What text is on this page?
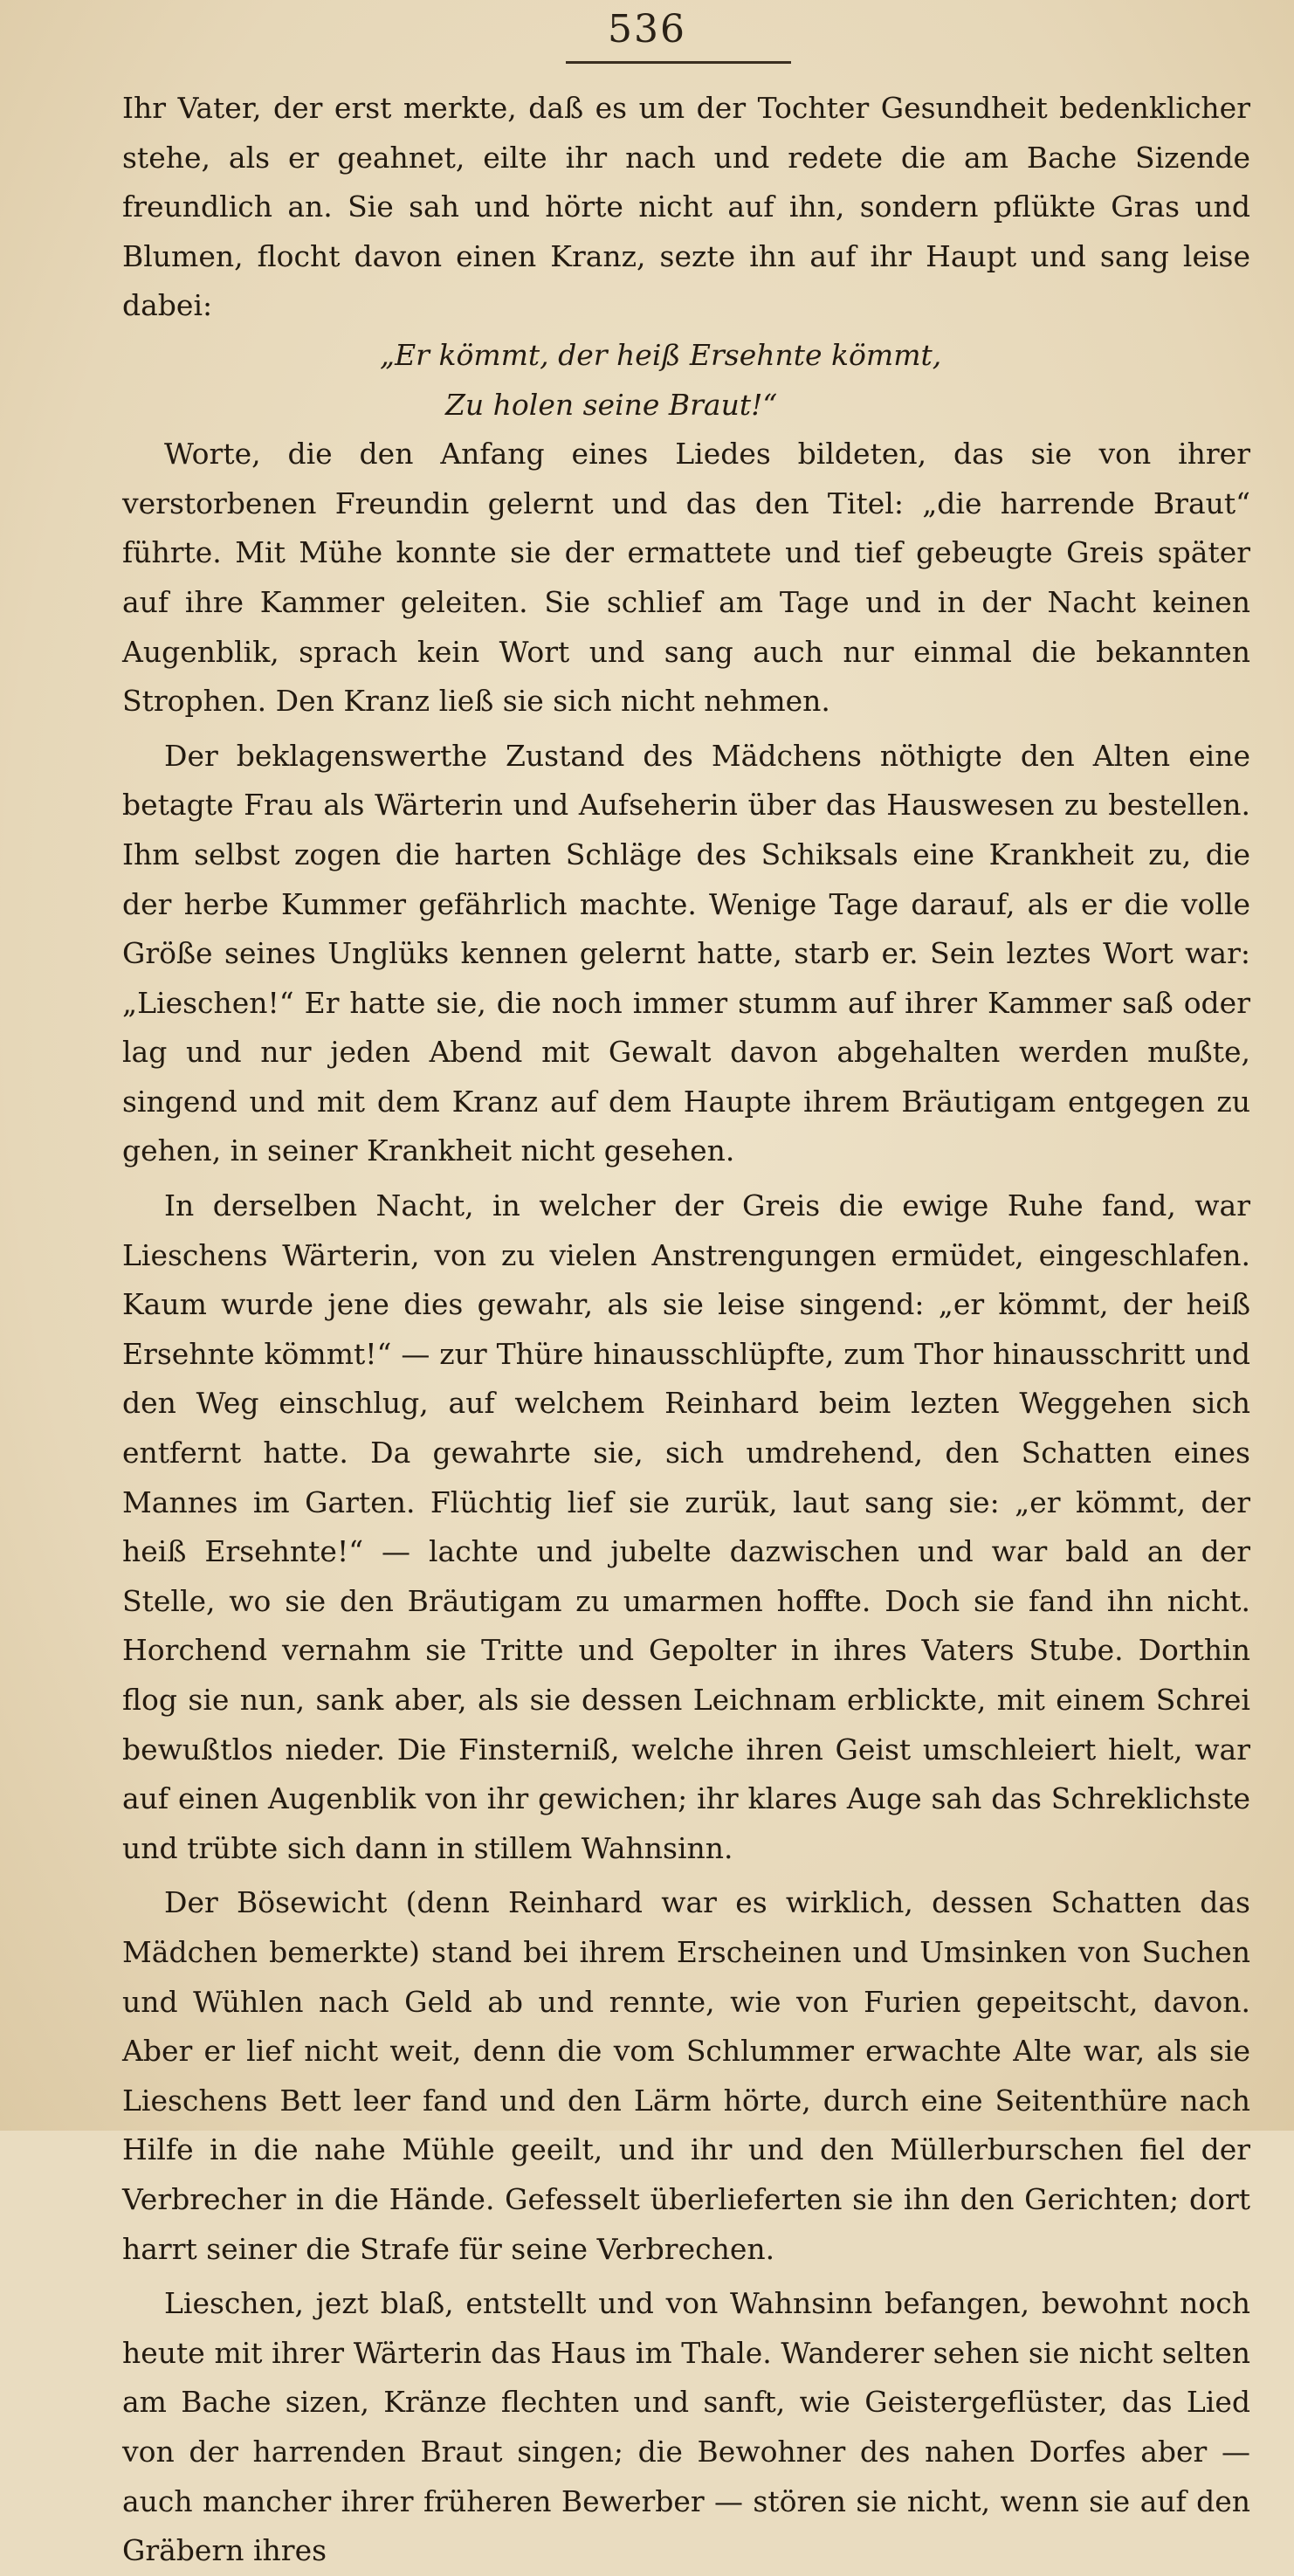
536

Ihr Vater, der erst merkte, daß es um der Tochter Gesundheit bedenklicher stehe, als er geahnet, eilte ihr nach und redete die am Bache Sizende freundlich an. Sie sah und hörte nicht auf ihn, sondern pflükte Gras und Blumen, flocht davon einen Kranz, sezte ihn auf ihr Haupt und sang leise dabei:

„Er kömmt, der heiß Ersehnte kömmt,
Zu holen seine Braut!“

Worte, die den Anfang eines Liedes bildeten, das sie von ihrer verstorbenen Freundin gelernt und das den Titel: „die harrende Braut“ führte. Mit Mühe konnte sie der ermattete und tief gebeugte Greis später auf ihre Kammer geleiten. Sie schlief am Tage und in der Nacht keinen Augenblik, sprach kein Wort und sang auch nur einmal die bekannten Strophen. Den Kranz ließ sie sich nicht nehmen.

Der beklagenswerthe Zustand des Mädchens nöthigte den Alten eine betagte Frau als Wärterin und Aufseherin über das Hauswesen zu bestellen. Ihm selbst zogen die harten Schläge des Schiksals eine Krankheit zu, die der herbe Kummer gefährlich machte. Wenige Tage darauf, als er die volle Größe seines Unglüks kennen gelernt hatte, starb er. Sein leztes Wort war: „Lieschen!“ Er hatte sie, die noch immer stumm auf ihrer Kammer saß oder lag und nur jeden Abend mit Gewalt davon abgehalten werden mußte, singend und mit dem Kranz auf dem Haupte ihrem Bräutigam entgegen zu gehen, in seiner Krankheit nicht gesehen.

In derselben Nacht, in welcher der Greis die ewige Ruhe fand, war Lieschens Wärterin, von zu vielen Anstrengungen ermüdet, eingeschlafen. Kaum wurde jene dies gewahr, als sie leise singend: „er kömmt, der heiß Ersehnte kömmt!“ — zur Thüre hinausschlüpfte, zum Thor hinausschritt und den Weg einschlug, auf welchem Reinhard beim lezten Weggehen sich entfernt hatte. Da gewahrte sie, sich umdrehend, den Schatten eines Mannes im Garten. Flüchtig lief sie zurük, laut sang sie: „er kömmt, der heiß Ersehnte!“ — lachte und jubelte dazwischen und war bald an der Stelle, wo sie den Bräutigam zu umarmen hoffte. Doch sie fand ihn nicht. Horchend vernahm sie Tritte und Gepolter in ihres Vaters Stube. Dorthin flog sie nun, sank aber, als sie dessen Leichnam erblickte, mit einem Schrei bewußtlos nieder. Die Finsterniß, welche ihren Geist umschleiert hielt, war auf einen Augenblik von ihr gewichen; ihr klares Auge sah das Schreklichste und trübte sich dann in stillem Wahnsinn.

Der Bösewicht (denn Reinhard war es wirklich, dessen Schatten das Mädchen bemerkte) stand bei ihrem Erscheinen und Umsinken von Suchen und Wühlen nach Geld ab und rennte, wie von Furien gepeitscht, davon. Aber er lief nicht weit, denn die vom Schlummer erwachte Alte war, als sie Lieschens Bett leer fand und den Lärm hörte, durch eine Seitenthüre nach Hilfe in die nahe Mühle geeilt, und ihr und den Müllerburschen fiel der Verbrecher in die Hände. Gefesselt überlieferten sie ihn den Gerichten; dort harrt seiner die Strafe für seine Verbrechen.

Lieschen, jezt blaß, entstellt und von Wahnsinn befangen, bewohnt noch heute mit ihrer Wärterin das Haus im Thale. Wanderer sehen sie nicht selten am Bache sizen, Kränze flechten und sanft, wie Geistergeflüster, das Lied von der harrenden Braut singen; die Bewohner des nahen Dorfes aber — auch mancher ihrer früheren Bewerber — stören sie nicht, wenn sie auf den Gräbern ihres
